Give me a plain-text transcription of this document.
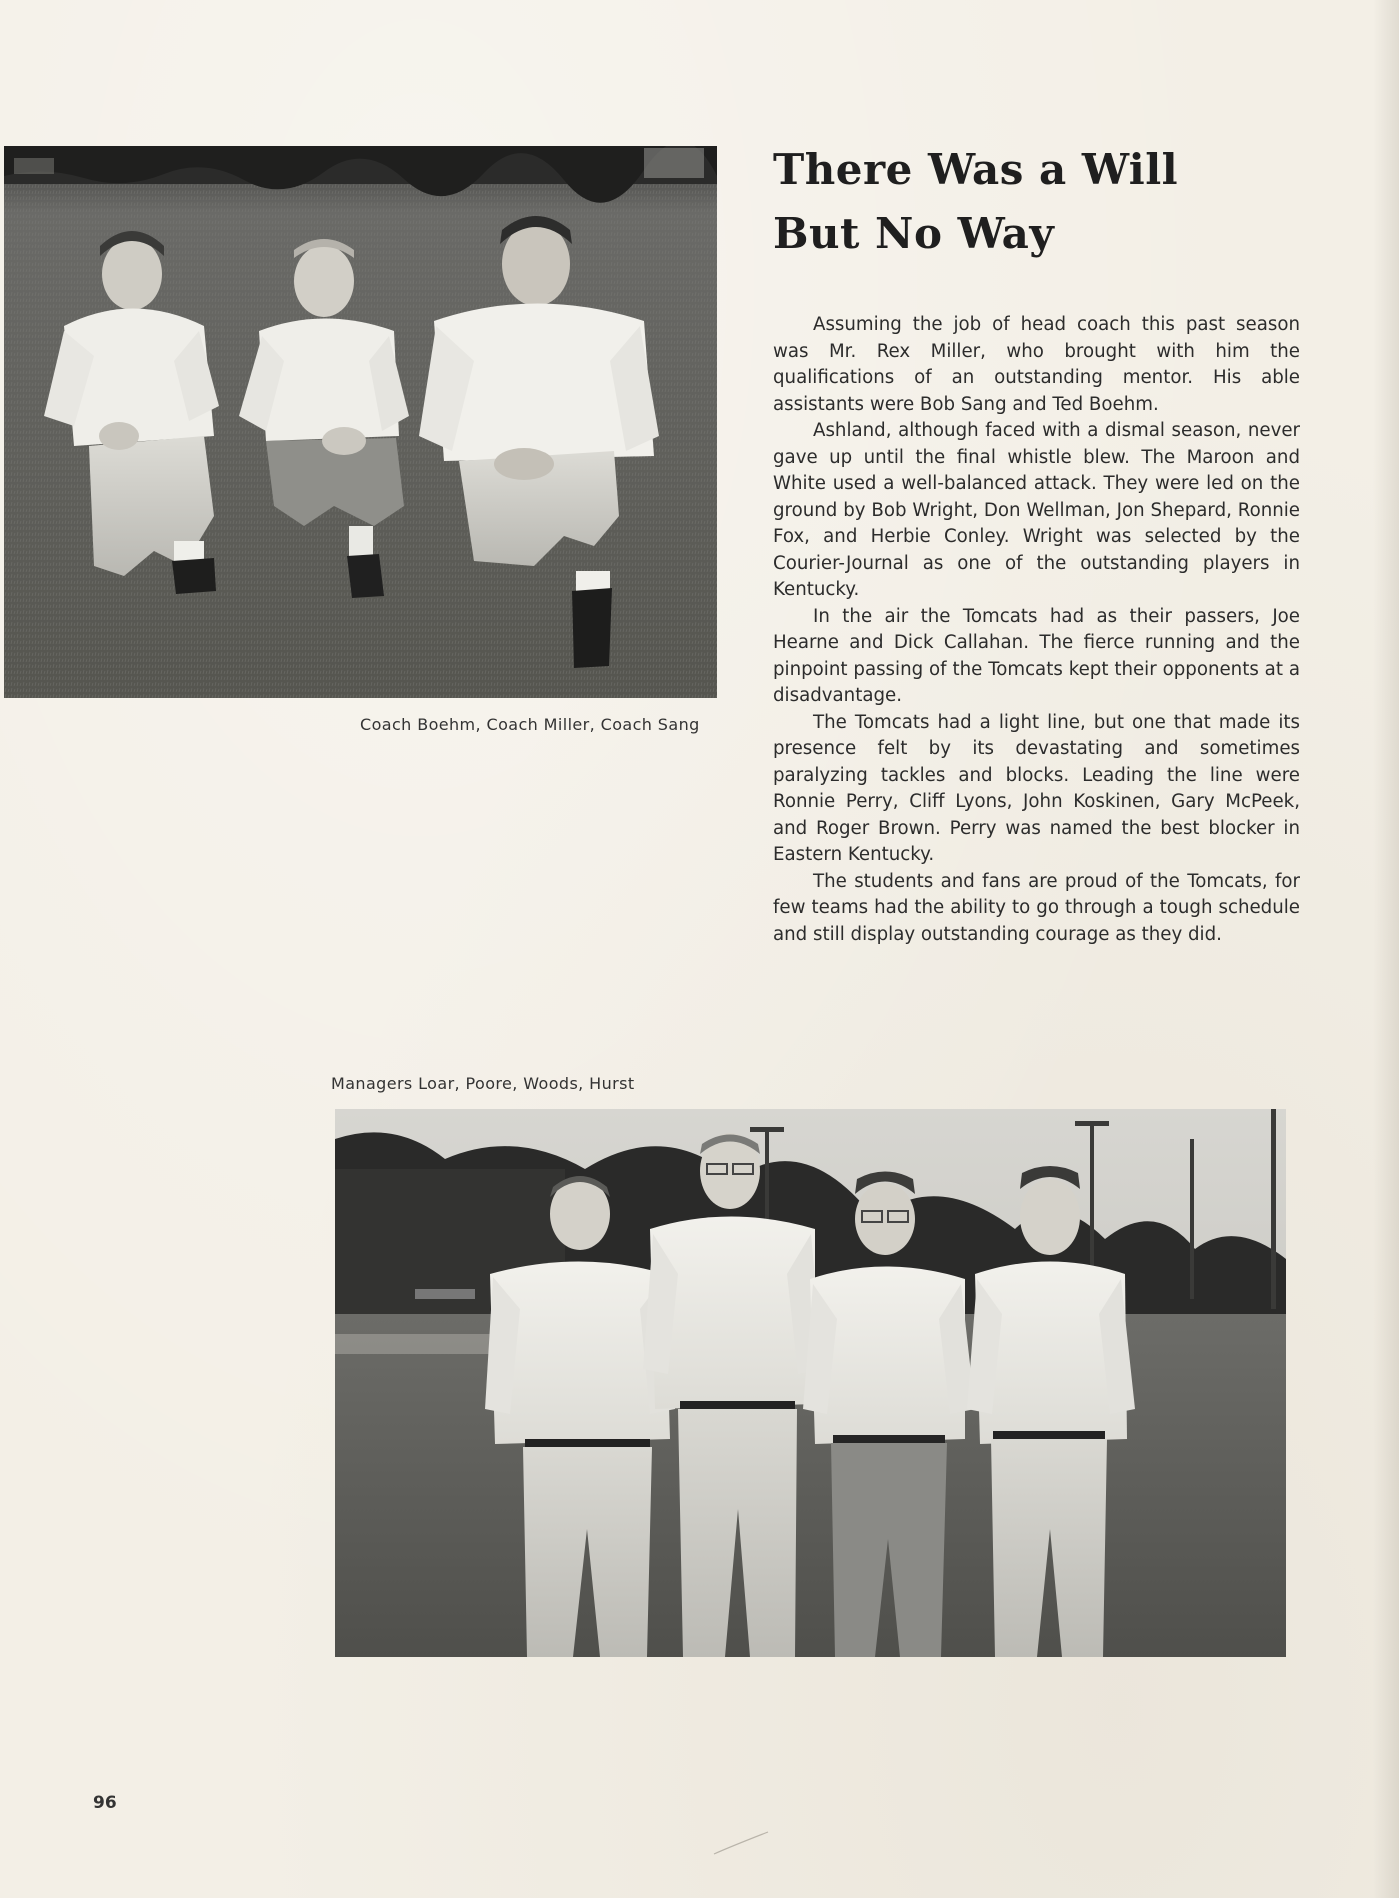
Coach Boehm, Coach Miller, Coach Sang
There Was a Will
But No Way

Assuming the job of head coach this past season was Mr. Rex Miller, who brought with him the qualifications of an outstanding mentor. His able assistants were Bob Sang and Ted Boehm.

Ashland, although faced with a dismal season, never gave up until the final whistle blew. The Maroon and White used a well-balanced attack. They were led on the ground by Bob Wright, Don Wellman, Jon Shepard, Ronnie Fox, and Herbie Conley. Wright was selected by the Courier-Journal as one of the outstanding players in Kentucky.

In the air the Tomcats had as their passers, Joe Hearne and Dick Callahan. The fierce running and the pinpoint passing of the Tomcats kept their opponents at a disadvantage.

The Tomcats had a light line, but one that made its presence felt by its devastating and sometimes paralyzing tackles and blocks. Leading the line were Ronnie Perry, Cliff Lyons, John Koskinen, Gary McPeek, and Roger Brown. Perry was named the best blocker in Eastern Kentucky.

The students and fans are proud of the Tomcats, for few teams had the ability to go through a tough schedule and still display outstanding courage as they did.

Managers Loar, Poore, Woods, Hurst
96
